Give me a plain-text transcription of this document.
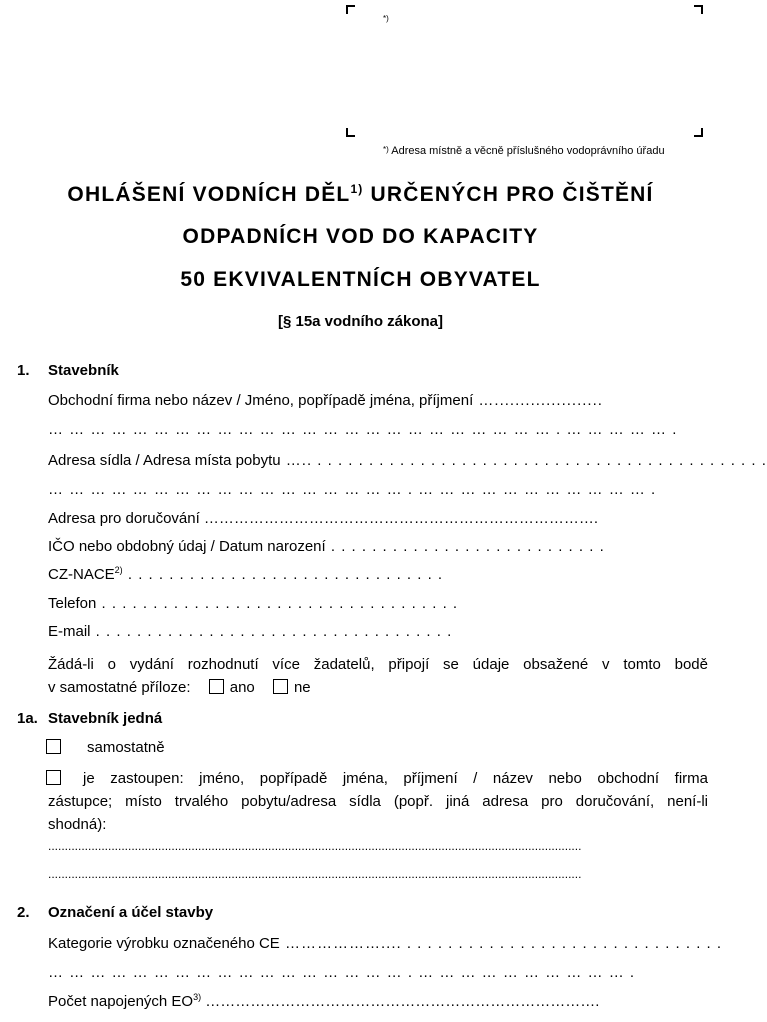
*)
*) Adresa místně a věcně příslušného vodoprávního úřadu
OHLÁŠENÍ VODNÍCH DĚL$^{1)}$ URČENÝCH PRO ČIŠTĚNÍ
ODPADNÍCH VOD DO KAPACITY
50 EKVIVALENTNÍCH OBYVATEL
[§ 15a vodního zákona]
1. Stavebník
Obchodní firma nebo název / Jméno, popřípadě jména, příjmení ….....................
… … … … … … … … … … … … … … … … … … … … … … … … . … … … … … .
Adresa sídla / Adresa místa pobytu ….. . . . . . . . . . . . . . . . . . . . . . . . . . . . . . . . . . . . . . . . . . . . .
… … … … … … … … … … … … … … … … … . … … … … … … … … … … … .
Adresa pro doručování …………………………………………………………………….
IČO nebo obdobný údaj / Datum narození . . . . . . . . . . . . . . . . . . . . . . . . . . .
CZ-NACE$^{2)}$ . . . . . . . . . . . . . . . . . . . . . . . . . . . . . . .
Telefon . . . . . . . . . . . . . . . . . . . . . . . . . . . . . . . . . . .
E-mail . . . . . . . . . . . . . . . . . . . . . . . . . . . . . . . . . . .
Žádá-li o vydání rozhodnutí více žadatelů, připojí se údaje obsažené v tomto bodě
v samostatné příloze:	ano	ne
1a. Stavebník jedná
samostatně
je zastoupen: jméno, popřípadě jména, příjmení / název nebo obchodní firma
zástupce; místo trvalého pobytu/adresa sídla (popř. jiná adresa pro doručování, není-li
shodná):
................................................................................................................................................................
................................................................................................................................................................
2. Označení a účel stavby
Kategorie výrobku označeného CE ……………….... . . . . . . . . . . . . . . . . . . . . . . . . . . . . . . .
… … … … … … … … … … … … … … … … … . … … … … … … … … … … .
Počet napojených EO$^{3)}$ …………………………………………………………………….
